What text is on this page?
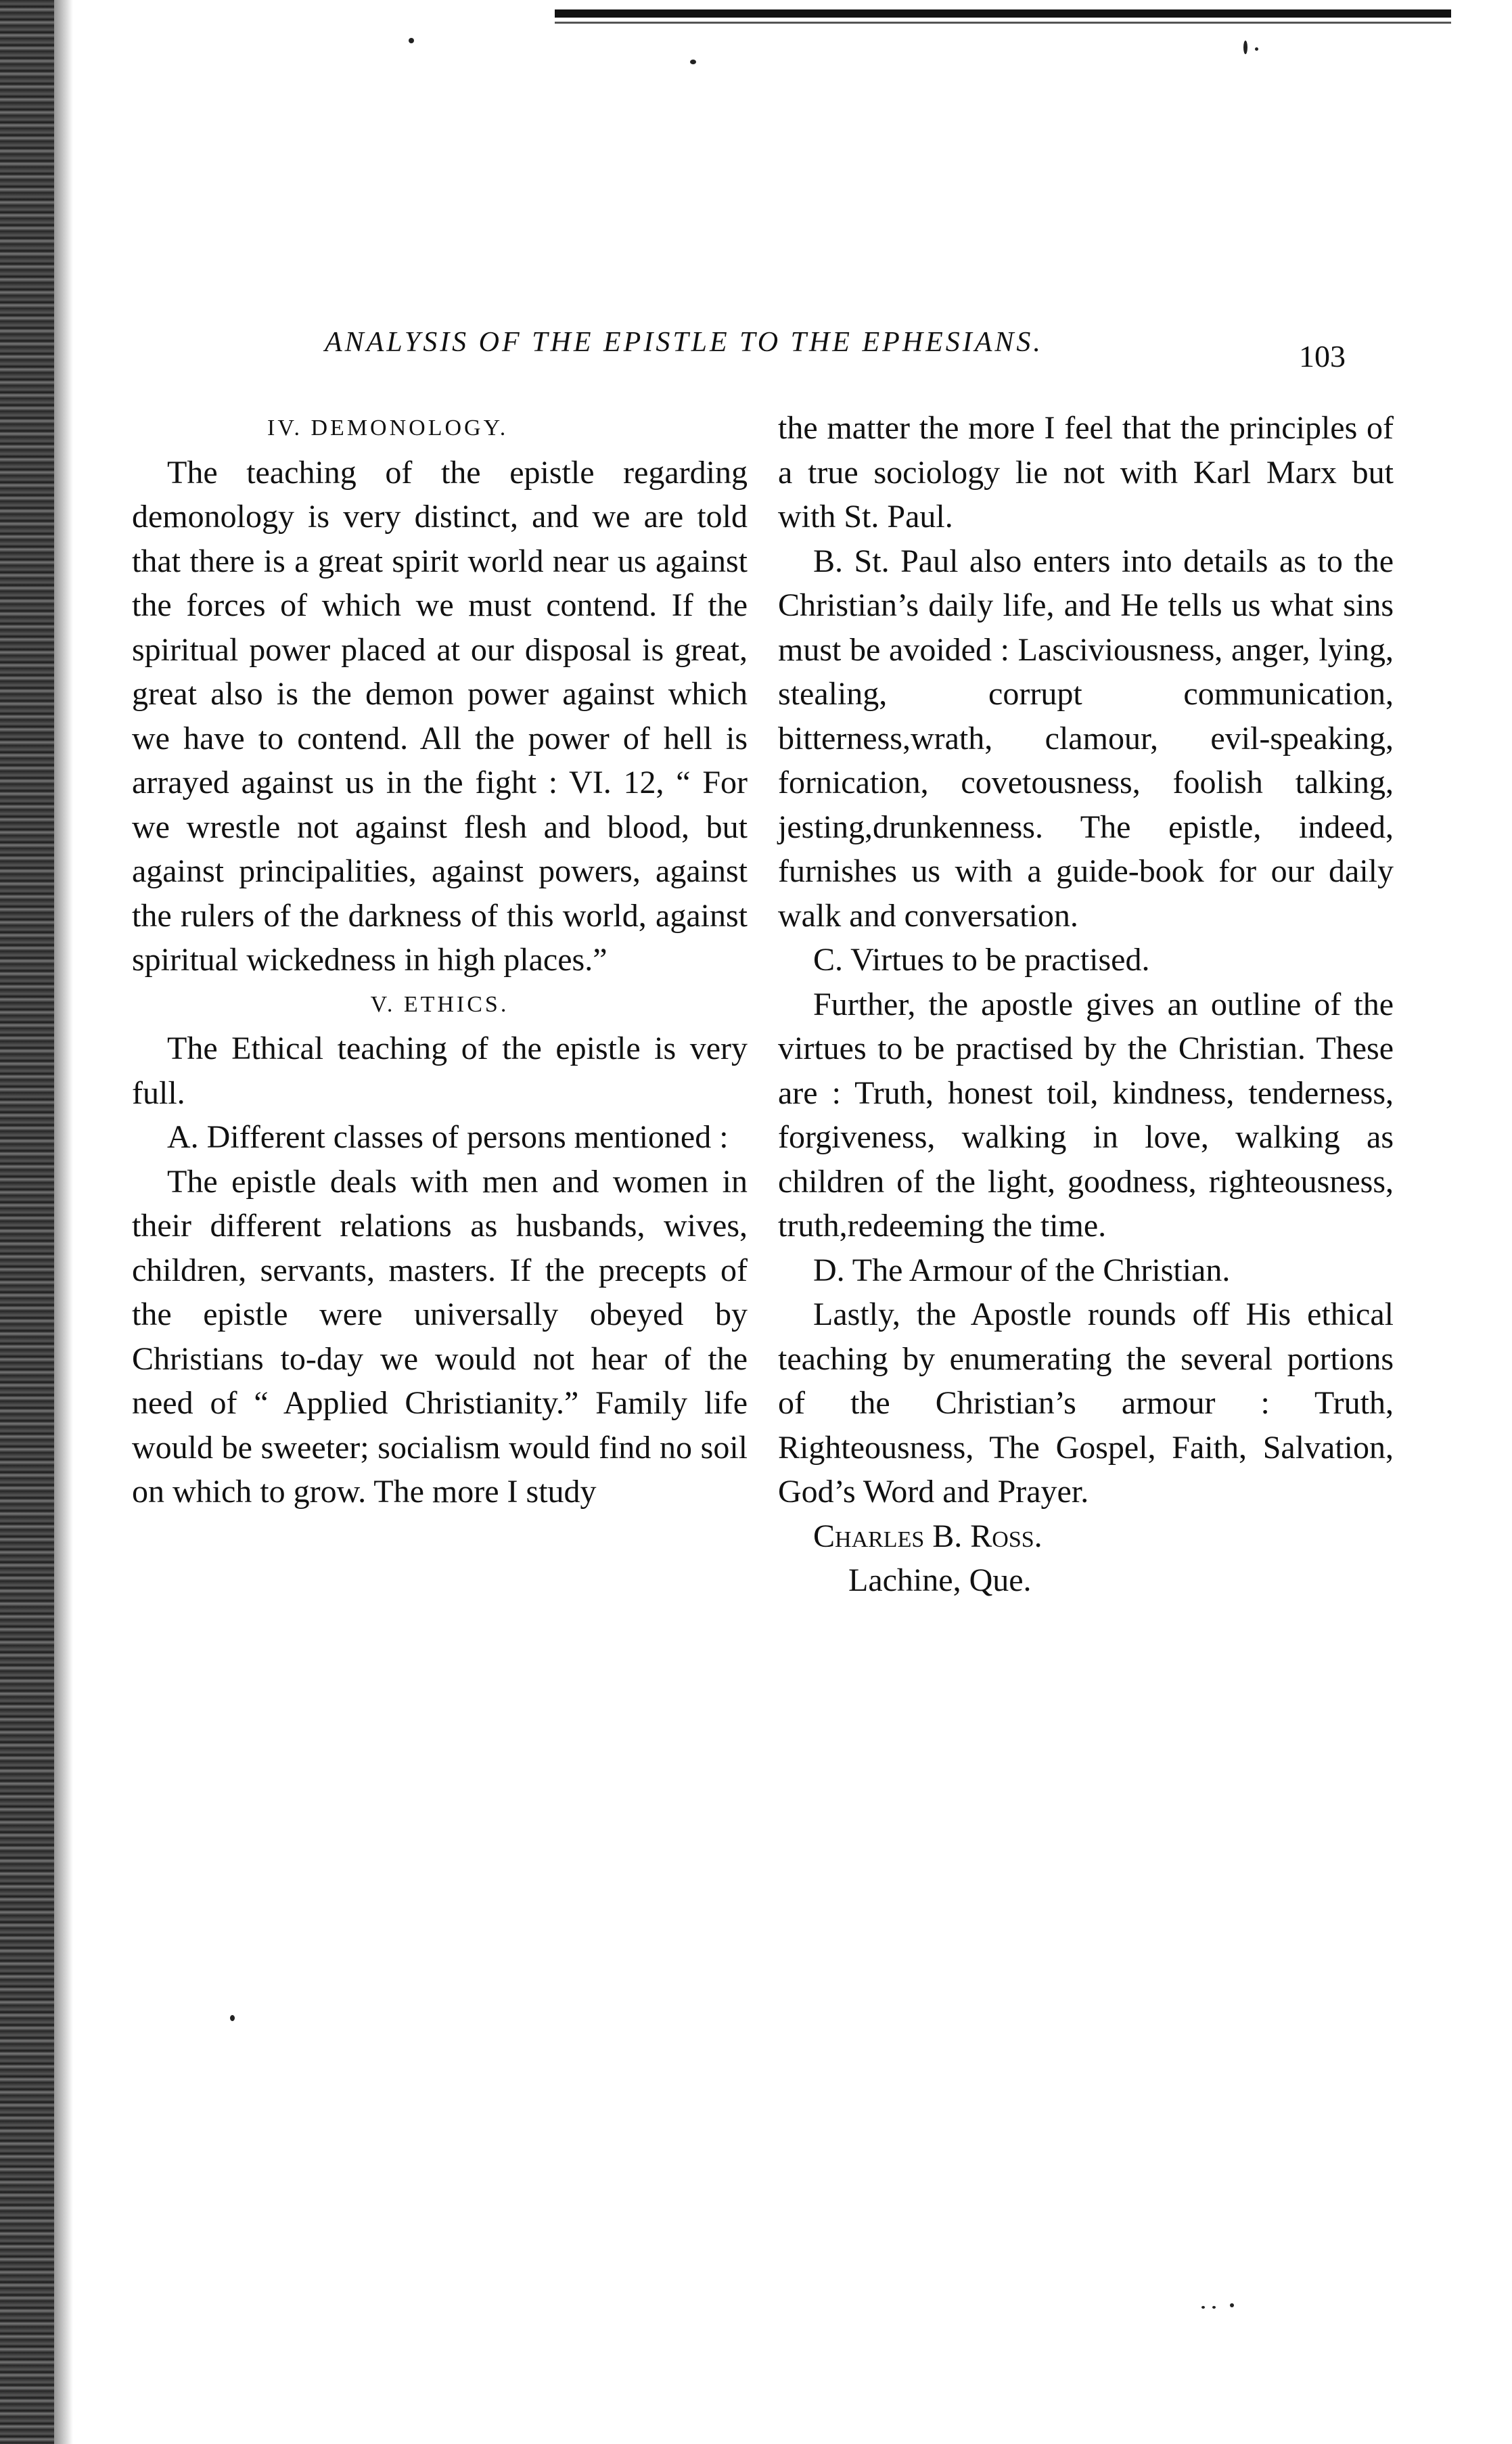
ANALYSIS OF THE EPISTLE TO THE EPHESIANS.	103
IV. DEMONOLOGY.

The teaching of the epistle regarding demonology is very distinct, and we are told that there is a great spirit world near us against the forces of which we must contend. If the spiritual power placed at our disposal is great, great also is the demon power against which we have to contend. All the power of hell is arrayed against us in the fight : VI. 12, “ For we wrestle not against flesh and blood, but against principalities, against powers, against the rulers of the darkness of this world, against spiritual wickedness in high places.”

V. ETHICS.

The Ethical teaching of the epistle is very full.

A. Different classes of persons mentioned :

The epistle deals with men and women in their different relations as husbands, wives, children, servants, masters. If the precepts of the epistle were universally obeyed by Christians to-day we would not hear of the need of “ Applied Christianity.” Family life would be sweeter; socialism would find no soil on which to grow. The more I study

the matter the more I feel that the principles of a true sociology lie not with Karl Marx but with St. Paul.

B. St. Paul also enters into details as to the Christian’s daily life, and He tells us what sins must be avoided : Lasciviousness, anger, lying, stealing, corrupt communication, bitterness,wrath, clamour, evil-speaking, fornication, covetousness, foolish talking, jesting,drunkenness. The epistle, indeed, furnishes us with a guide-book for our daily walk and conversation.

C. Virtues to be practised.

Further, the apostle gives an outline of the virtues to be practised by the Christian. These are : Truth, honest toil, kindness, tenderness, forgiveness, walking in love, walking as children of the light, goodness, righteousness, truth,redeeming the time.

D. The Armour of the Christian.

Lastly, the Apostle rounds off His ethical teaching by enumerating the several portions of the Christian’s armour : Truth, Righteousness, The Gospel, Faith, Salvation, God’s Word and Prayer.

Charles B. Ross.

Lachine, Que.
